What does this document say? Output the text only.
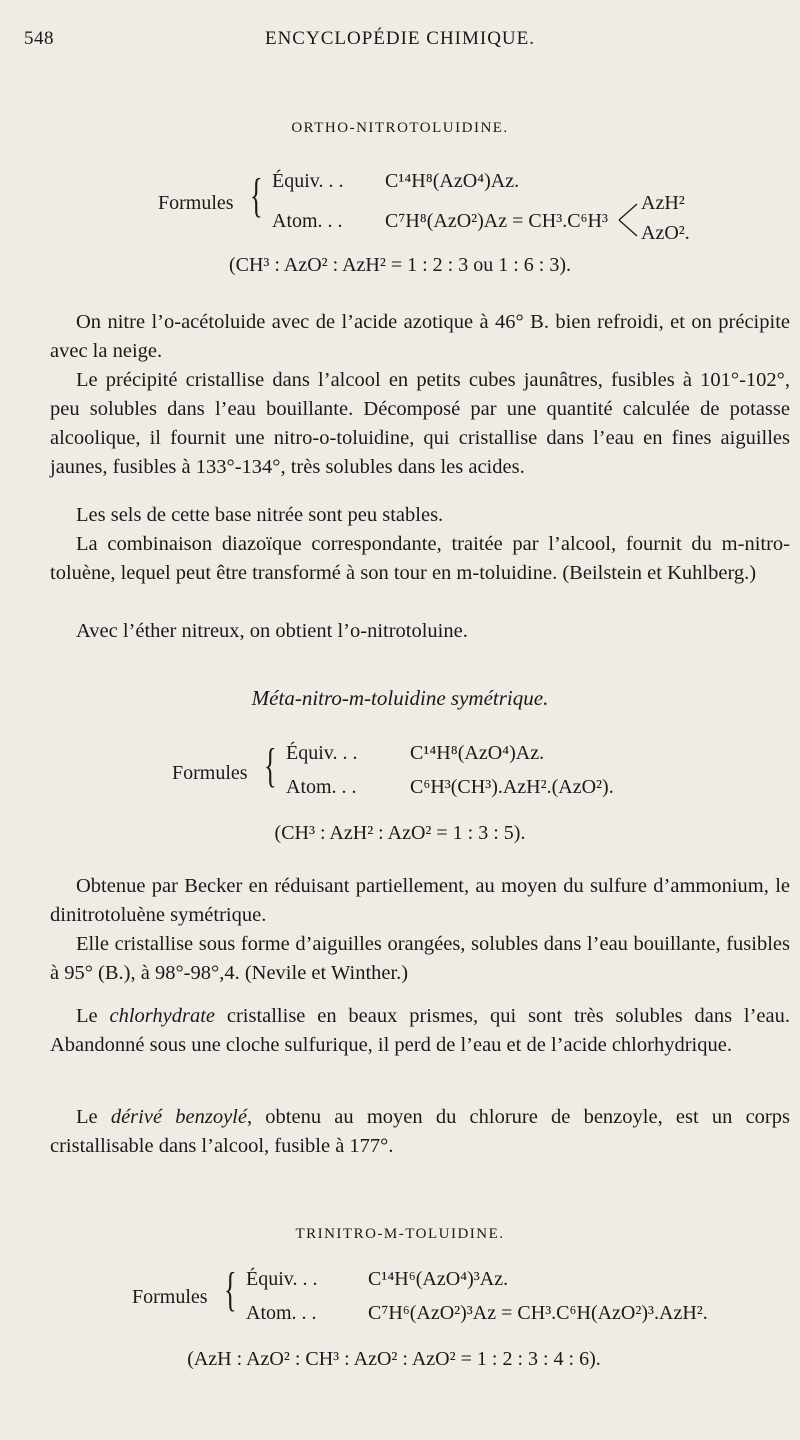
548	ENCYCLOPÉDIE CHIMIQUE.
ORTHO-NITROTOLUIDINE.
Formules { Équiv. . . C¹⁴H⁸(AzO⁴)Az.
Atom. . . C⁷H⁸(AzO²)Az = CH³.C⁶H³
AzH²
AzO².
(CH³ : AzO² : AzH² = 1 : 2 : 3 ou 1 : 6 : 3).
On nitre l’o-acétoluide avec de l’acide azotique à 46° B. bien refroidi, et on précipite avec la neige.
Le précipité cristallise dans l’alcool en petits cubes jaunâtres, fusibles à 101°-102°, peu solubles dans l’eau bouillante. Décomposé par une quantité calculée de potasse alcoolique, il fournit une nitro-o-toluidine, qui cristallise dans l’eau en fines aiguilles jaunes, fusibles à 133°-134°, très solubles dans les acides.
Les sels de cette base nitrée sont peu stables.
La combinaison diazoïque correspondante, traitée par l’alcool, fournit du m-nitro-toluène, lequel peut être transformé à son tour en m-toluidine. (Beilstein et Kuhlberg.)
Avec l’éther nitreux, on obtient l’o-nitrotoluine.
Méta-nitro-m-toluidine symétrique.
Formules { Équiv. . .	C¹⁴H⁸(AzO⁴)Az.
Atom. . .	C⁶H³(CH³).AzH².(AzO²).
(CH³ : AzH² : AzO² = 1 : 3 : 5).
Obtenue par Becker en réduisant partiellement, au moyen du sulfure d’ammonium, le dinitrotoluène symétrique.
Elle cristallise sous forme d’aiguilles orangées, solubles dans l’eau bouillante, fusibles à 95° (B.), à 98°-98°,4. (Nevile et Winther.)
Le chlorhydrate cristallise en beaux prismes, qui sont très solubles dans l’eau. Abandonné sous une cloche sulfurique, il perd de l’eau et de l’acide chlorhydrique.
Le dérivé benzoylé, obtenu au moyen du chlorure de benzoyle, est un corps cristallisable dans l’alcool, fusible à 177°.
TRINITRO-M-TOLUIDINE.
Formules { Équiv. . .	C¹⁴H⁶(AzO⁴)³Az.
Atom. . .	C⁷H⁶(AzO²)³Az = CH³.C⁶H(AzO²)³.AzH².
(AzH : AzO² : CH³ : AzO² : AzO² = 1 : 2 : 3 : 4 : 6).
